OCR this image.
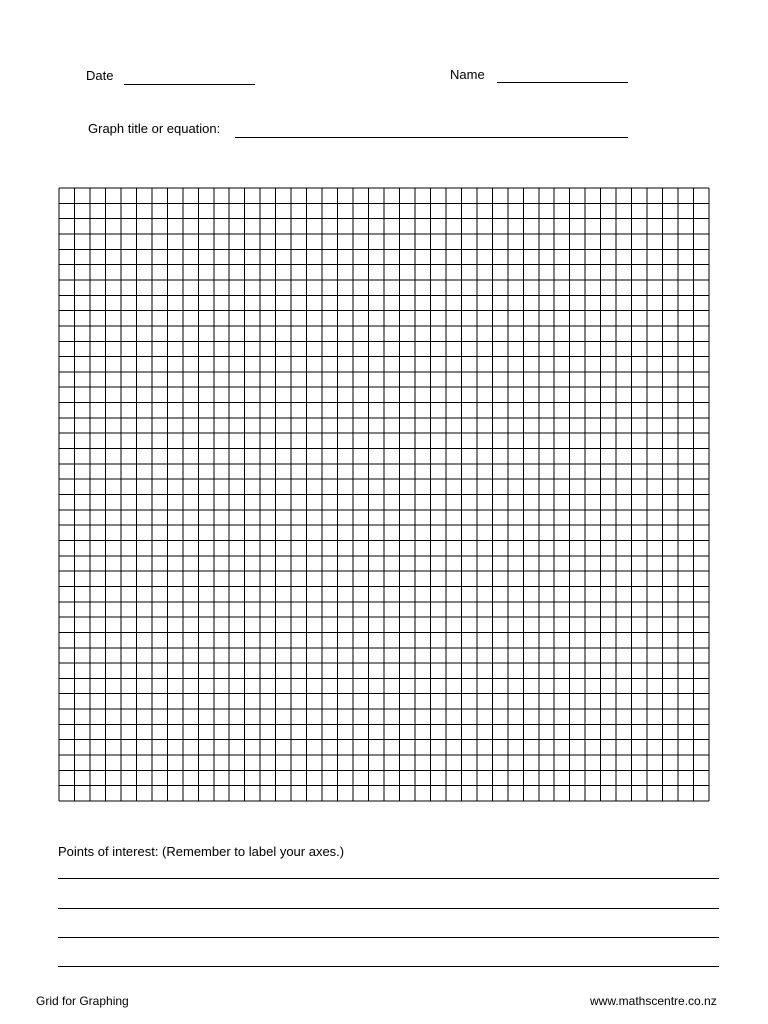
Date	Name
Graph title or equation:
Points of interest: (Remember to label your axes.)
Grid for Graphing	www.mathscentre.co.nz
